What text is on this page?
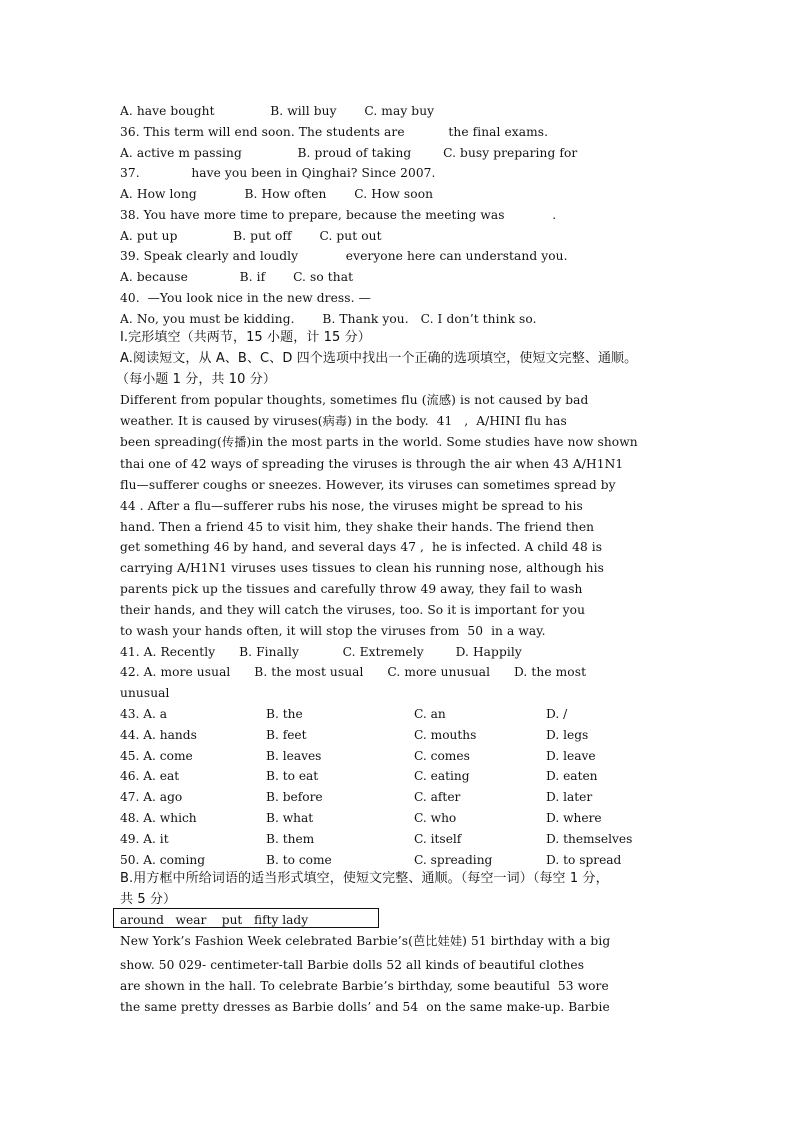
A. have bought              B. will buy       C. may buy
36. This term will end soon. The students are           the final exams.
A. active m passing              B. proud of taking        C. busy preparing for
37.             have you been in Qinghai? Since 2007.
A. How long            B. How often       C. How soon
38. You have more time to prepare, because the meeting was            .
A. put up              B. put off       C. put out
39. Speak clearly and loudly            everyone here can understand you.
A. because             B. if       C. so that
40.  —You look nice in the new dress. —
A. No, you must be kidding.       B. Thank you.   C. I don’t think so.
I.完形填空（共两节，15 小题，计 15 分）
A.阅读短文，从 A、B、C、D 四个选项中找出一个正确的选项填空，使短文完整、通顺。
（每小题 1 分，共 10 分）
Different from popular thoughts, sometimes flu (流感) is not caused by bad
weather. It is caused by viruses(病毒) in the body.  41   ,  A/HINI flu has
been spreading(传播)in the most parts in the world. Some studies have now shown
thai one of 42 ways of spreading the viruses is through the air when 43 A/H1N1
flu—sufferer coughs or sneezes. However, its viruses can sometimes spread by
44 . After a flu—sufferer rubs his nose, the viruses might be spread to his
hand. Then a friend 45 to visit him, they shake their hands. The friend then
get something 46 by hand, and several days 47 ,  he is infected. A child 48 is
carrying A/H1N1 viruses uses tissues to clean his running nose, although his
parents pick up the tissues and carefully throw 49 away, they fail to wash
their hands, and they will catch the viruses, too. So it is important for you
to wash your hands often, it will stop the viruses from  50  in a way.
41. A. Recently      B. Finally           C. Extremely        D. Happily
42. A. more usual      B. the most usual      C. more unusual      D. the most
unusual
43. A. a	B. the	C. an	D. /
44. A. hands	B. feet	C. mouths	D. legs
45. A. come	B. leaves	C. comes	D. leave
46. A. eat	B. to eat	C. eating	D. eaten
47. A. ago	B. before	C. after	D. later
48. A. which	B. what	C. who	D. where
49. A. it	B. them	C. itself	D. themselves
50. A. coming	B. to come	C. spreading	D. to spread
B.用方框中所给词语的适当形式填空，使短文完整、通顺。（每空一词）（每空 1 分，
共 5 分）
around   wear    put   fifty lady
New York’s Fashion Week celebrated Barbie’s(芭比娃娃) 51 birthday with a big
show. 50 029- centimeter-tall Barbie dolls 52 all kinds of beautiful clothes
are shown in the hall. To celebrate Barbie’s birthday, some beautiful  53 wore
the same pretty dresses as Barbie dolls’ and 54  on the same make-up. Barbie
